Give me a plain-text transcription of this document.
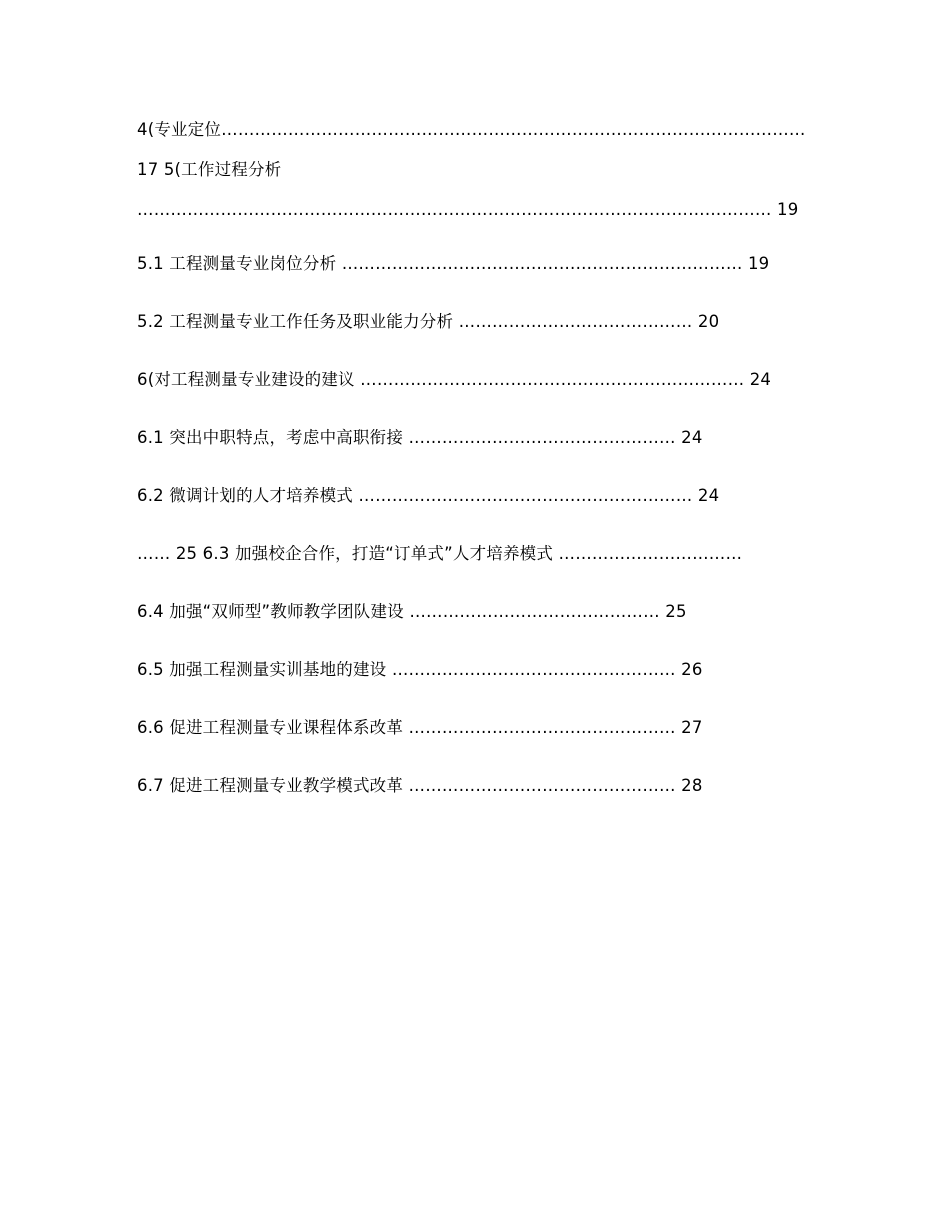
4(专业定位…………………………………………………………………………………………… 17 5(工作过程分析 …………………………………………………………………………………………………… 19

5.1 工程测量专业岗位分析 ……………………………………………………………… 19

5.2 工程测量专业工作任务及职业能力分析 …………………………………… 20

6(对工程测量专业建设的建议 …………………………………………………………… 24

6.1 突出中职特点，考虑中高职衔接 ………………………………………… 24

6.2 微调计划的人才培养模式 …………………………………………………… 24

…… 25 6.3 加强校企合作，打造“订单式”人才培养模式 ……………………………

6.4 加强“双师型”教师教学团队建设 ……………………………………… 25

6.5 加强工程测量实训基地的建设 …………………………………………… 26

6.6 促进工程测量专业课程体系改革 ………………………………………… 27

6.7 促进工程测量专业教学模式改革 ………………………………………… 28
